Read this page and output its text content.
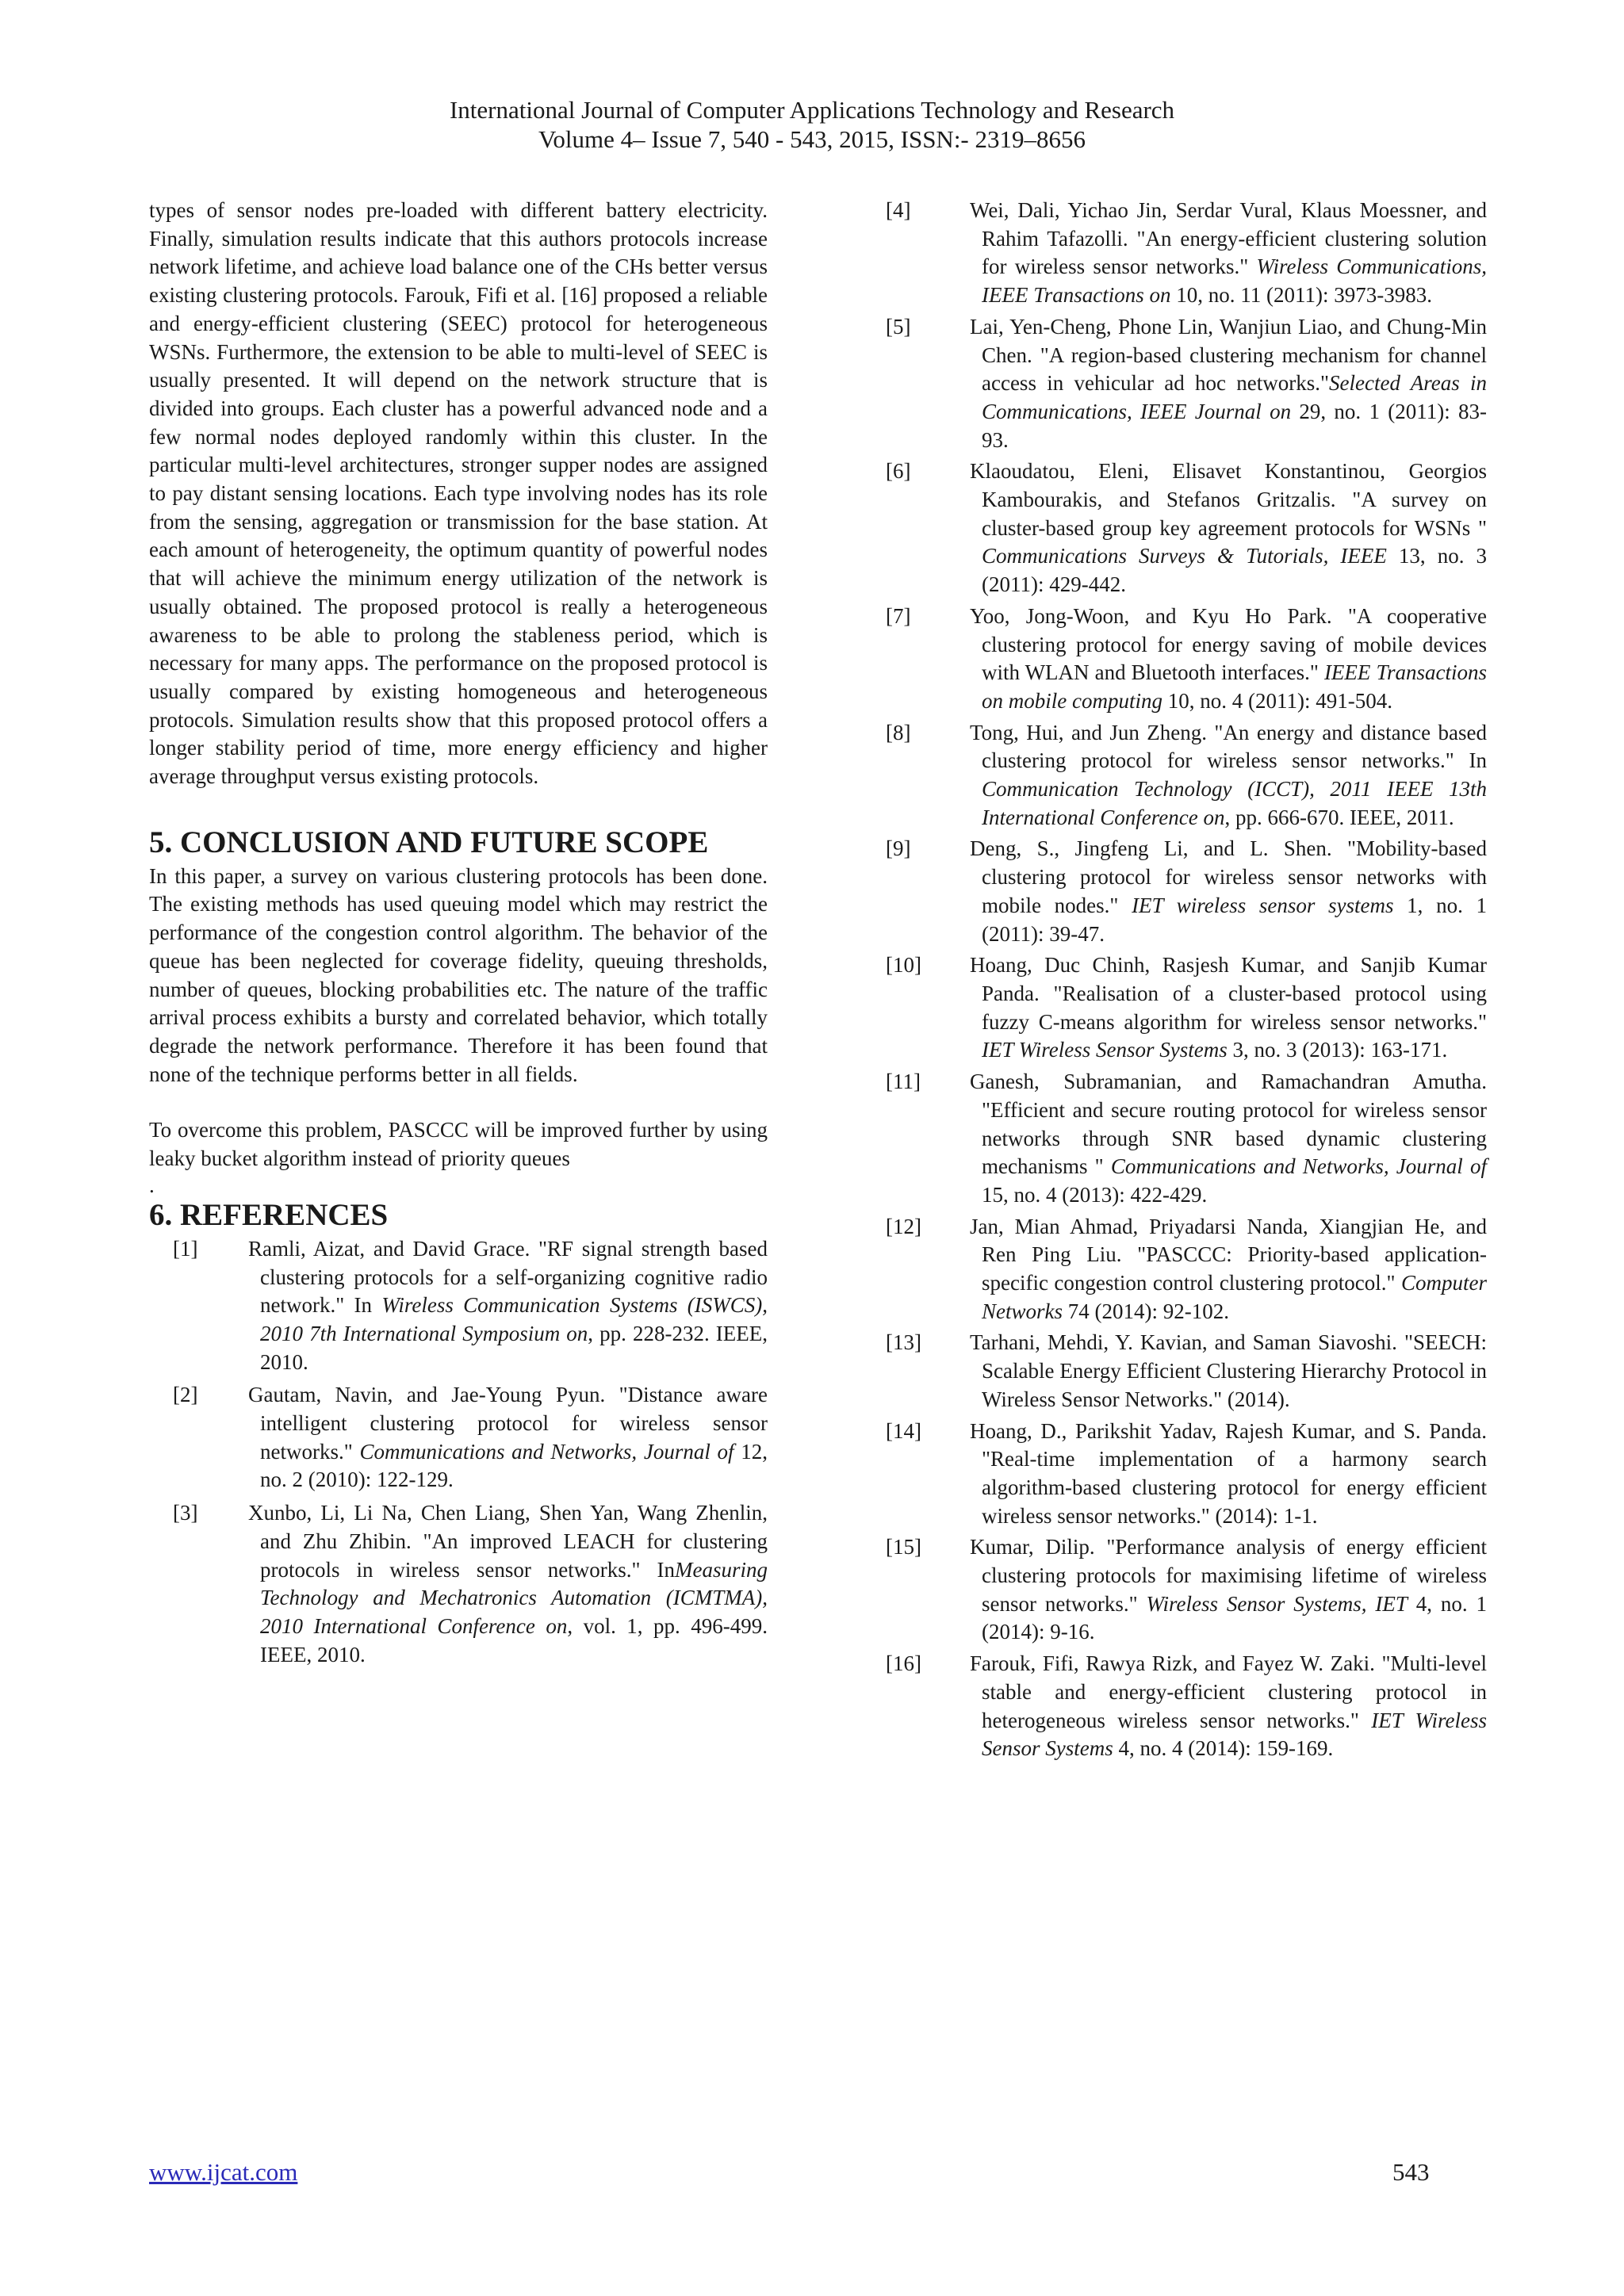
International Journal of Computer Applications Technology and Research
Volume 4– Issue 7, 540 - 543, 2015, ISSN:- 2319–8656

types of sensor nodes pre-loaded with different battery electricity. Finally, simulation results indicate that this authors protocols increase network lifetime, and achieve load balance one of the CHs better versus existing clustering protocols. Farouk, Fifi et al. [16] proposed a reliable and energy-efficient clustering (SEEC) protocol for heterogeneous WSNs. Furthermore, the extension to be able to multi-level of SEEC is usually presented. It will depend on the network structure that is divided into groups. Each cluster has a powerful advanced node and a few normal nodes deployed randomly within this cluster. In the particular multi-level architectures, stronger supper nodes are assigned to pay distant sensing locations. Each type involving nodes has its role from the sensing, aggregation or transmission for the base station. At each amount of heterogeneity, the optimum quantity of powerful nodes that will achieve the minimum energy utilization of the network is usually obtained. The proposed protocol is really a heterogeneous awareness to be able to prolong the stableness period, which is necessary for many apps. The performance on the proposed protocol is usually compared by existing homogeneous and heterogeneous protocols. Simulation results show that this proposed protocol offers a longer stability period of time, more energy efficiency and higher average throughput versus existing protocols.

5. CONCLUSION AND FUTURE SCOPE

In this paper, a survey on various clustering protocols has been done. The existing methods has used queuing model which may restrict the performance of the congestion control algorithm. The behavior of the queue has been neglected for coverage fidelity, queuing thresholds, number of queues, blocking probabilities etc. The nature of the traffic arrival process exhibits a bursty and correlated behavior, which totally degrade the network performance. Therefore it has been found that none of the technique performs better in all fields.

To overcome this problem, PASCCC will be improved further by using leaky bucket algorithm instead of priority queues

.

6. REFERENCES
[1] Ramli, Aizat, and David Grace. "RF signal strength based clustering protocols for a self-organizing cognitive radio network." In Wireless Communication Systems (ISWCS), 2010 7th International Symposium on, pp. 228-232. IEEE, 2010.
[2] Gautam, Navin, and Jae-Young Pyun. "Distance aware intelligent clustering protocol for wireless sensor networks." Communications and Networks, Journal of 12, no. 2 (2010): 122-129.
[3] Xunbo, Li, Li Na, Chen Liang, Shen Yan, Wang Zhenlin, and Zhu Zhibin. "An improved LEACH for clustering protocols in wireless sensor networks." InMeasuring Technology and Mechatronics Automation (ICMTMA), 2010 International Conference on, vol. 1, pp. 496-499. IEEE, 2010.
[4]	Wei, Dali, Yichao Jin, Serdar Vural, Klaus Moessner, and Rahim Tafazolli. "An energy-efficient clustering solution for wireless sensor networks." Wireless Communications, IEEE Transactions on 10, no. 11 (2011): 3973-3983.
[5]	Lai, Yen-Cheng, Phone Lin, Wanjiun Liao, and Chung-Min Chen. "A region-based clustering mechanism for channel access in vehicular ad hoc networks."Selected Areas in Communications, IEEE Journal on 29, no. 1 (2011): 83-93.
[6]	Klaoudatou, Eleni, Elisavet Konstantinou, Georgios Kambourakis, and Stefanos Gritzalis. "A survey on cluster-based group key agreement protocols for WSNs " Communications Surveys & Tutorials, IEEE 13, no. 3 (2011): 429-442.
[7]	Yoo, Jong-Woon, and Kyu Ho Park. "A cooperative clustering protocol for energy saving of mobile devices with WLAN and Bluetooth interfaces." IEEE Transactions on mobile computing 10, no. 4 (2011): 491-504.
[8]	Tong, Hui, and Jun Zheng. "An energy and distance based clustering protocol for wireless sensor networks." In Communication Technology (ICCT), 2011 IEEE 13th International Conference on, pp. 666-670. IEEE, 2011.
[9]	Deng, S., Jingfeng Li, and L. Shen. "Mobility-based clustering protocol for wireless sensor networks with mobile nodes." IET wireless sensor systems 1, no. 1 (2011): 39-47.
[10] Hoang, Duc Chinh, Rasjesh Kumar, and Sanjib Kumar Panda. "Realisation of a cluster-based protocol using fuzzy C-means algorithm for wireless sensor networks." IET Wireless Sensor Systems 3, no. 3 (2013): 163-171.
[11] Ganesh, Subramanian, and Ramachandran Amutha. "Efficient and secure routing protocol for wireless sensor networks through SNR based dynamic clustering mechanisms " Communications and Networks, Journal of 15, no. 4 (2013): 422-429.
[12] Jan, Mian Ahmad, Priyadarsi Nanda, Xiangjian He, and Ren Ping Liu. "PASCCC: Priority-based application-specific congestion control clustering protocol." Computer Networks 74 (2014): 92-102.
[13] Tarhani, Mehdi, Y. Kavian, and Saman Siavoshi. "SEECH: Scalable Energy Efficient Clustering Hierarchy Protocol in Wireless Sensor Networks." (2014).
[14] Hoang, D., Parikshit Yadav, Rajesh Kumar, and S. Panda. "Real-time implementation of a harmony search algorithm-based clustering protocol for energy efficient wireless sensor networks." (2014): 1-1.
[15] Kumar, Dilip. "Performance analysis of energy efficient clustering protocols for maximising lifetime of wireless sensor networks." Wireless Sensor Systems, IET 4, no. 1 (2014): 9-16.
[16] Farouk, Fifi, Rawya Rizk, and Fayez W. Zaki. "Multi-level stable and energy-efficient clustering protocol in heterogeneous wireless sensor networks." IET Wireless Sensor Systems 4, no. 4 (2014): 159-169.
www.ijcat.com	543
